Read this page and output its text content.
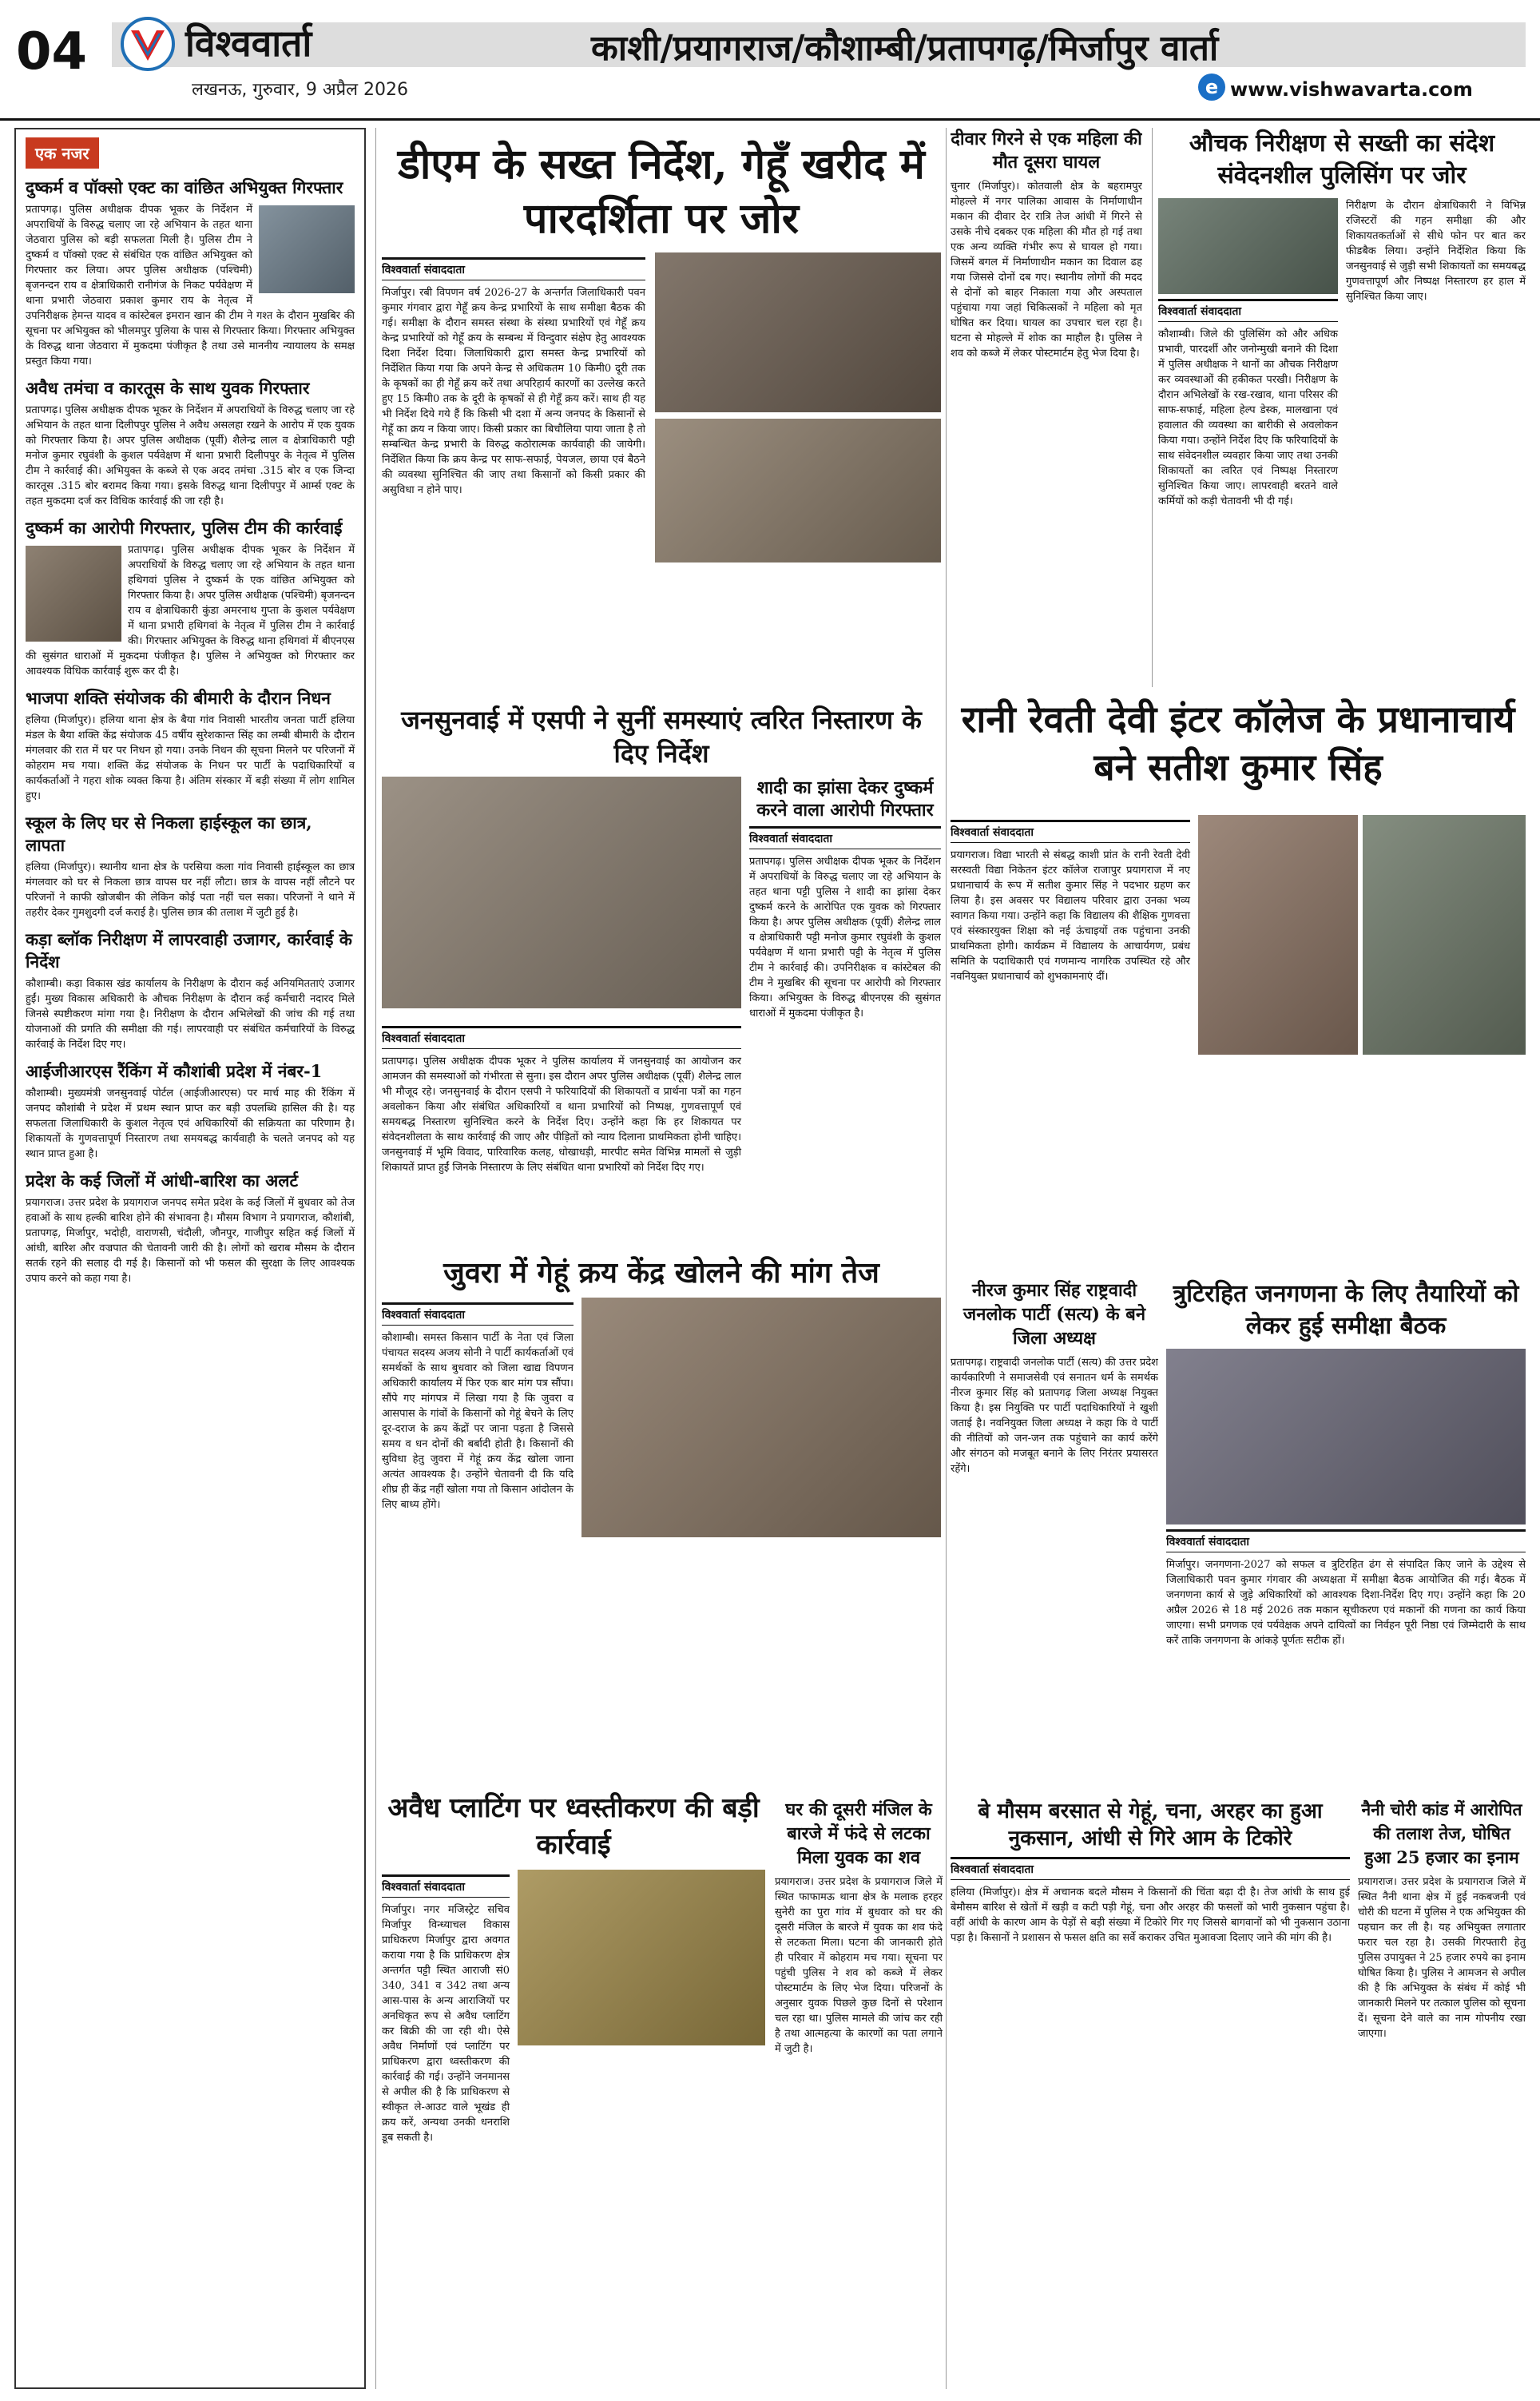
04	विश्ववार्ता
लखनऊ, गुरुवार, 9 अप्रैल 2026
काशी/प्रयागराज/कौशाम्बी/प्रतापगढ़/मिर्जापुर वार्ता
e www.vishwavarta.com
एक नजर
दुष्कर्म व पॉक्सो एक्ट का वांछित अभियुक्त गिरफ्तार
प्रतापगढ़। पुलिस अधीक्षक दीपक भूकर के निर्देशन में अपराधियों के विरुद्ध चलाए जा रहे अभियान के तहत थाना जेठवारा पुलिस को बड़ी सफलता मिली है। पुलिस टीम ने दुष्कर्म व पॉक्सो एक्ट से संबंधित एक वांछित अभियुक्त को गिरफ्तार कर लिया। अपर पुलिस अधीक्षक (पश्चिमी) बृजनन्दन राय व क्षेत्राधिकारी रानीगंज के निकट पर्यवेक्षण में थाना प्रभारी जेठवारा प्रकाश कुमार राय के नेतृत्व में उपनिरीक्षक हेमन्त यादव व कांस्टेबल इमरान खान की टीम ने गश्त के दौरान मुखबिर की सूचना पर अभियुक्त को भीलमपुर पुलिया के पास से गिरफ्तार किया। गिरफ्तार अभियुक्त के विरुद्ध थाना जेठवारा में मुकदमा पंजीकृत है तथा उसे माननीय न्यायालय के समक्ष प्रस्तुत किया गया।
अवैध तमंचा व कारतूस के साथ युवक गिरफ्तार
प्रतापगढ़। पुलिस अधीक्षक दीपक भूकर के निर्देशन में अपराधियों के विरुद्ध चलाए जा रहे अभियान के तहत थाना दिलीपपुर पुलिस ने अवैध असलहा रखने के आरोप में एक युवक को गिरफ्तार किया है। अपर पुलिस अधीक्षक (पूर्वी) शैलेन्द्र लाल व क्षेत्राधिकारी पट्टी मनोज कुमार रघुवंशी के कुशल पर्यवेक्षण में थाना प्रभारी दिलीपपुर के नेतृत्व में पुलिस टीम ने कार्रवाई की। अभियुक्त के कब्जे से एक अदद तमंचा .315 बोर व एक जिन्दा कारतूस .315 बोर बरामद किया गया। इसके विरुद्ध थाना दिलीपपुर में आर्म्स एक्ट के तहत मुकदमा दर्ज कर विधिक कार्रवाई की जा रही है।
दुष्कर्म का आरोपी गिरफ्तार, पुलिस टीम की कार्रवाई
प्रतापगढ़। पुलिस अधीक्षक दीपक भूकर के निर्देशन में अपराधियों के विरुद्ध चलाए जा रहे अभियान के तहत थाना हथिगवां पुलिस ने दुष्कर्म के एक वांछित अभियुक्त को गिरफ्तार किया है। अपर पुलिस अधीक्षक (पश्चिमी) बृजनन्दन राय व क्षेत्राधिकारी कुंडा अमरनाथ गुप्ता के कुशल पर्यवेक्षण में थाना प्रभारी हथिगवां के नेतृत्व में पुलिस टीम ने कार्रवाई की। गिरफ्तार अभियुक्त के विरुद्ध थाना हथिगवां में बीएनएस की सुसंगत धाराओं में मुकदमा पंजीकृत है। पुलिस ने अभियुक्त को गिरफ्तार कर आवश्यक विधिक कार्रवाई शुरू कर दी है।
भाजपा शक्ति संयोजक की बीमारी के दौरान निधन
हलिया (मिर्जापुर)। हलिया थाना क्षेत्र के बैया गांव निवासी भारतीय जनता पार्टी हलिया मंडल के बैया शक्ति केंद्र संयोजक 45 वर्षीय सुरेशकान्त सिंह का लम्बी बीमारी के दौरान मंगलवार की रात में घर पर निधन हो गया। उनके निधन की सूचना मिलने पर परिजनों में कोहराम मच गया। शक्ति केंद्र संयोजक के निधन पर पार्टी के पदाधिकारियों व कार्यकर्ताओं ने गहरा शोक व्यक्त किया है। अंतिम संस्कार में बड़ी संख्या में लोग शामिल हुए।
स्कूल के लिए घर से निकला हाईस्कूल का छात्र, लापता
हलिया (मिर्जापुर)। स्थानीय थाना क्षेत्र के परसिया कला गांव निवासी हाईस्कूल का छात्र मंगलवार को घर से निकला छात्र वापस घर नहीं लौटा। छात्र के वापस नहीं लौटने पर परिजनों ने काफी खोजबीन की लेकिन कोई पता नहीं चल सका। परिजनों ने थाने में तहरीर देकर गुमशुदगी दर्ज कराई है। पुलिस छात्र की तलाश में जुटी हुई है।
कड़ा ब्लॉक निरीक्षण में लापरवाही उजागर, कार्रवाई के निर्देश
कौशाम्बी। कड़ा विकास खंड कार्यालय के निरीक्षण के दौरान कई अनियमितताएं उजागर हुईं। मुख्य विकास अधिकारी के औचक निरीक्षण के दौरान कई कर्मचारी नदारद मिले जिनसे स्पष्टीकरण मांगा गया है। निरीक्षण के दौरान अभिलेखों की जांच की गई तथा योजनाओं की प्रगति की समीक्षा की गई। लापरवाही पर संबंधित कर्मचारियों के विरुद्ध कार्रवाई के निर्देश दिए गए।
आईजीआरएस रैंकिंग में कौशांबी प्रदेश में नंबर-1
कौशाम्बी। मुख्यमंत्री जनसुनवाई पोर्टल (आईजीआरएस) पर मार्च माह की रैंकिंग में जनपद कौशांबी ने प्रदेश में प्रथम स्थान प्राप्त कर बड़ी उपलब्धि हासिल की है। यह सफलता जिलाधिकारी के कुशल नेतृत्व एवं अधिकारियों की सक्रियता का परिणाम है। शिकायतों के गुणवत्तापूर्ण निस्तारण तथा समयबद्ध कार्यवाही के चलते जनपद को यह स्थान प्राप्त हुआ है।
प्रदेश के कई जिलों में आंधी-बारिश का अलर्ट
प्रयागराज। उत्तर प्रदेश के प्रयागराज जनपद समेत प्रदेश के कई जिलों में बुधवार को तेज हवाओं के साथ हल्की बारिश होने की संभावना है। मौसम विभाग ने प्रयागराज, कौशांबी, प्रतापगढ़, मिर्जापुर, भदोही, वाराणसी, चंदौली, जौनपुर, गाजीपुर सहित कई जिलों में आंधी, बारिश और वज्रपात की चेतावनी जारी की है। लोगों को खराब मौसम के दौरान सतर्क रहने की सलाह दी गई है। किसानों को भी फसल की सुरक्षा के लिए आवश्यक उपाय करने को कहा गया है।
डीएम के सख्त निर्देश, गेहूँ खरीद में पारदर्शिता पर जोर
विश्ववार्ता संवाददाता
मिर्जापुर। रबी विपणन वर्ष 2026-27 के अन्तर्गत जिलाधिकारी पवन कुमार गंगवार द्वारा गेहूँ क्रय केन्द्र प्रभारियों के साथ समीक्षा बैठक की गई। समीक्षा के दौरान समस्त संस्था के संस्था प्रभारियों एवं गेहूँ क्रय केन्द्र प्रभारियों को गेहूँ क्रय के सम्बन्ध में विन्दुवार संक्षेप हेतु आवश्यक दिशा निर्देश दिया। जिलाधिकारी द्वारा समस्त केन्द्र प्रभारियों को निर्देशित किया गया कि अपने केन्द्र से अधिकतम 10 किमी0 दूरी तक के कृषकों का ही गेहूँ क्रय करें तथा अपरिहार्य कारणों का उल्लेख करते हुए 15 किमी0 तक के दूरी के कृषकों से ही गेहूँ क्रय करें। साथ ही यह भी निर्देश दिये गये हैं कि किसी भी दशा में अन्य जनपद के किसानों से गेहूँ का क्रय न किया जाए। किसी प्रकार का बिचौलिया पाया जाता है तो सम्बन्धित केन्द्र प्रभारी के विरुद्ध कठोरात्मक कार्यवाही की जायेगी। निर्देशित किया कि क्रय केन्द्र पर साफ-सफाई, पेयजल, छाया एवं बैठने की व्यवस्था सुनिश्चित की जाए तथा किसानों को किसी प्रकार की असुविधा न होने पाए।
दीवार गिरने से एक महिला की मौत दूसरा घायल
चुनार (मिर्जापुर)। कोतवाली क्षेत्र के बहरामपुर मोहल्ले में नगर पालिका आवास के निर्माणाधीन मकान की दीवार देर रात्रि तेज आंधी में गिरने से उसके नीचे दबकर एक महिला की मौत हो गई तथा एक अन्य व्यक्ति गंभीर रूप से घायल हो गया। जिसमें बगल में निर्माणाधीन मकान का दिवाल ढह गया जिससे दोनों दब गए। स्थानीय लोगों की मदद से दोनों को बाहर निकाला गया और अस्पताल पहुंचाया गया जहां चिकित्सकों ने महिला को मृत घोषित कर दिया। घायल का उपचार चल रहा है। घटना से मोहल्ले में शोक का माहौल है। पुलिस ने शव को कब्जे में लेकर पोस्टमार्टम हेतु भेज दिया है।
औचक निरीक्षण से सख्ती का संदेश संवेदनशील पुलिसिंग पर जोर
विश्ववार्ता संवाददाता
कौशाम्बी। जिले की पुलिसिंग को और अधिक प्रभावी, पारदर्शी और जनोन्मुखी बनाने की दिशा में पुलिस अधीक्षक ने थानों का औचक निरीक्षण कर व्यवस्थाओं की हकीकत परखी। निरीक्षण के दौरान अभिलेखों के रख-रखाव, थाना परिसर की साफ-सफाई, महिला हेल्प डेस्क, मालखाना एवं हवालात की व्यवस्था का बारीकी से अवलोकन किया गया। उन्होंने निर्देश दिए कि फरियादियों के साथ संवेदनशील व्यवहार किया जाए तथा उनकी शिकायतों का त्वरित एवं निष्पक्ष निस्तारण सुनिश्चित किया जाए। लापरवाही बरतने वाले कर्मियों को कड़ी चेतावनी भी दी गई।
निरीक्षण के दौरान क्षेत्राधिकारी ने विभिन्न रजिस्टरों की गहन समीक्षा की और शिकायतकर्ताओं से सीधे फोन पर बात कर फीडबैक लिया। उन्होंने निर्देशित किया कि जनसुनवाई से जुड़ी सभी शिकायतों का समयबद्ध गुणवत्तापूर्ण और निष्पक्ष निस्तारण हर हाल में सुनिश्चित किया जाए।
रानी रेवती देवी इंटर कॉलेज के प्रधानाचार्य बने सतीश कुमार सिंह
जनसुनवाई में एसपी ने सुनीं समस्याएं त्वरित निस्तारण के दिए निर्देश
शादी का झांसा देकर दुष्कर्म करने वाला आरोपी गिरफ्तार
विश्ववार्ता संवाददाता
प्रतापगढ़। पुलिस अधीक्षक दीपक भूकर के निर्देशन में अपराधियों के विरुद्ध चलाए जा रहे अभियान के तहत थाना पट्टी पुलिस ने शादी का झांसा देकर दुष्कर्म करने के आरोपित एक युवक को गिरफ्तार किया है। अपर पुलिस अधीक्षक (पूर्वी) शैलेन्द्र लाल व क्षेत्राधिकारी पट्टी मनोज कुमार रघुवंशी के कुशल पर्यवेक्षण में थाना प्रभारी पट्टी के नेतृत्व में पुलिस टीम ने कार्रवाई की। उपनिरीक्षक व कांस्टेबल की टीम ने मुखबिर की सूचना पर आरोपी को गिरफ्तार किया। अभियुक्त के विरुद्ध बीएनएस की सुसंगत धाराओं में मुकदमा पंजीकृत है।
विश्ववार्ता संवाददाता
प्रतापगढ़। पुलिस अधीक्षक दीपक भूकर ने पुलिस कार्यालय में जनसुनवाई का आयोजन कर आमजन की समस्याओं को गंभीरता से सुना। इस दौरान अपर पुलिस अधीक्षक (पूर्वी) शैलेन्द्र लाल भी मौजूद रहे। जनसुनवाई के दौरान एसपी ने फरियादियों की शिकायतों व प्रार्थना पत्रों का गहन अवलोकन किया और संबंधित अधिकारियों व थाना प्रभारियों को निष्पक्ष, गुणवत्तापूर्ण एवं समयबद्ध निस्तारण सुनिश्चित करने के निर्देश दिए। उन्होंने कहा कि हर शिकायत पर संवेदनशीलता के साथ कार्रवाई की जाए और पीड़ितों को न्याय दिलाना प्राथमिकता होनी चाहिए। जनसुनवाई में भूमि विवाद, पारिवारिक कलह, धोखाधड़ी, मारपीट समेत विभिन्न मामलों से जुड़ी शिकायतें प्राप्त हुईं जिनके निस्तारण के लिए संबंधित थाना प्रभारियों को निर्देश दिए गए।
विश्ववार्ता संवाददाता
प्रयागराज। विद्या भारती से संबद्ध काशी प्रांत के रानी रेवती देवी सरस्वती विद्या निकेतन इंटर कॉलेज राजापुर प्रयागराज में नए प्रधानाचार्य के रूप में सतीश कुमार सिंह ने पदभार ग्रहण कर लिया है। इस अवसर पर विद्यालय परिवार द्वारा उनका भव्य स्वागत किया गया। उन्होंने कहा कि विद्यालय की शैक्षिक गुणवत्ता एवं संस्कारयुक्त शिक्षा को नई ऊंचाइयों तक पहुंचाना उनकी प्राथमिकता होगी। कार्यक्रम में विद्यालय के आचार्यगण, प्रबंध समिति के पदाधिकारी एवं गणमान्य नागरिक उपस्थित रहे और नवनियुक्त प्रधानाचार्य को शुभकामनाएं दीं।
नीरज कुमार सिंह राष्ट्रवादी जनलोक पार्टी (सत्य) के बने जिला अध्यक्ष
प्रतापगढ़। राष्ट्रवादी जनलोक पार्टी (सत्य) की उत्तर प्रदेश कार्यकारिणी ने समाजसेवी एवं सनातन धर्म के समर्थक नीरज कुमार सिंह को प्रतापगढ़ जिला अध्यक्ष नियुक्त किया है। इस नियुक्ति पर पार्टी पदाधिकारियों ने खुशी जताई है। नवनियुक्त जिला अध्यक्ष ने कहा कि वे पार्टी की नीतियों को जन-जन तक पहुंचाने का कार्य करेंगे और संगठन को मजबूत बनाने के लिए निरंतर प्रयासरत रहेंगे।
त्रुटिरहित जनगणना के लिए तैयारियों को लेकर हुई समीक्षा बैठक
विश्ववार्ता संवाददाता
मिर्जापुर। जनगणना-2027 को सफल व त्रुटिरहित ढंग से संपादित किए जाने के उद्देश्य से जिलाधिकारी पवन कुमार गंगवार की अध्यक्षता में समीक्षा बैठक आयोजित की गई। बैठक में जनगणना कार्य से जुड़े अधिकारियों को आवश्यक दिशा-निर्देश दिए गए। उन्होंने कहा कि 20 अप्रैल 2026 से 18 मई 2026 तक मकान सूचीकरण एवं मकानों की गणना का कार्य किया जाएगा। सभी प्रगणक एवं पर्यवेक्षक अपने दायित्वों का निर्वहन पूरी निष्ठा एवं जिम्मेदारी के साथ करें ताकि जनगणना के आंकड़े पूर्णतः सटीक हों।
जुवरा में गेहूं क्रय केंद्र खोलने की मांग तेज
विश्ववार्ता संवाददाता
कौशाम्बी। समस्त किसान पार्टी के नेता एवं जिला पंचायत सदस्य अजय सोनी ने पार्टी कार्यकर्ताओं एवं समर्थकों के साथ बुधवार को जिला खाद्य विपणन अधिकारी कार्यालय में फिर एक बार मांग पत्र सौंपा। सौंपे गए मांगपत्र में लिखा गया है कि जुवरा व आसपास के गांवों के किसानों को गेहूं बेचने के लिए दूर-दराज के क्रय केंद्रों पर जाना पड़ता है जिससे समय व धन दोनों की बर्बादी होती है। किसानों की सुविधा हेतु जुवरा में गेहूं क्रय केंद्र खोला जाना अत्यंत आवश्यक है। उन्होंने चेतावनी दी कि यदि शीघ्र ही केंद्र नहीं खोला गया तो किसान आंदोलन के लिए बाध्य होंगे।
अवैध प्लाटिंग पर ध्वस्तीकरण की बड़ी कार्रवाई
विश्ववार्ता संवाददाता
मिर्जापुर। नगर मजिस्ट्रेट सचिव मिर्जापुर विन्ध्याचल विकास प्राधिकरण मिर्जापुर द्वारा अवगत कराया गया है कि प्राधिकरण क्षेत्र अन्तर्गत पट्टी स्थित आराजी सं0 340, 341 व 342 तथा अन्य आस-पास के अन्य आराजियों पर अनधिकृत रूप से अवैध प्लाटिंग कर बिक्री की जा रही थी। ऐसे अवैध निर्माणों एवं प्लाटिंग पर प्राधिकरण द्वारा ध्वस्तीकरण की कार्रवाई की गई। उन्होंने जनमानस से अपील की है कि प्राधिकरण से स्वीकृत ले-आउट वाले भूखंड ही क्रय करें, अन्यथा उनकी धनराशि डूब सकती है।
घर की दूसरी मंजिल के बारजे में फंदे से लटका मिला युवक का शव
प्रयागराज। उत्तर प्रदेश के प्रयागराज जिले में स्थित फाफामऊ थाना क्षेत्र के मलाक हरहर सुनेरी का पुरा गांव में बुधवार को घर की दूसरी मंजिल के बारजे में युवक का शव फंदे से लटकता मिला। घटना की जानकारी होते ही परिवार में कोहराम मच गया। सूचना पर पहुंची पुलिस ने शव को कब्जे में लेकर पोस्टमार्टम के लिए भेज दिया। परिजनों के अनुसार युवक पिछले कुछ दिनों से परेशान चल रहा था। पुलिस मामले की जांच कर रही है तथा आत्महत्या के कारणों का पता लगाने में जुटी है।
बे मौसम बरसात से गेहूं, चना, अरहर का हुआ नुकसान, आंधी से गिरे आम के टिकोरे
विश्ववार्ता संवाददाता
हलिया (मिर्जापुर)। क्षेत्र में अचानक बदले मौसम ने किसानों की चिंता बढ़ा दी है। तेज आंधी के साथ हुई बेमौसम बारिश से खेतों में खड़ी व कटी पड़ी गेहूं, चना और अरहर की फसलों को भारी नुकसान पहुंचा है। वहीं आंधी के कारण आम के पेड़ों से बड़ी संख्या में टिकोरे गिर गए जिससे बागवानों को भी नुकसान उठाना पड़ा है। किसानों ने प्रशासन से फसल क्षति का सर्वे कराकर उचित मुआवजा दिलाए जाने की मांग की है।
नैनी चोरी कांड में आरोपित की तलाश तेज, घोषित हुआ 25 हजार का इनाम
प्रयागराज। उत्तर प्रदेश के प्रयागराज जिले में स्थित नैनी थाना क्षेत्र में हुई नकबजनी एवं चोरी की घटना में पुलिस ने एक अभियुक्त की पहचान कर ली है। यह अभियुक्त लगातार फरार चल रहा है। उसकी गिरफ्तारी हेतु पुलिस उपायुक्त ने 25 हजार रुपये का इनाम घोषित किया है। पुलिस ने आमजन से अपील की है कि अभियुक्त के संबंध में कोई भी जानकारी मिलने पर तत्काल पुलिस को सूचना दें। सूचना देने वाले का नाम गोपनीय रखा जाएगा।
